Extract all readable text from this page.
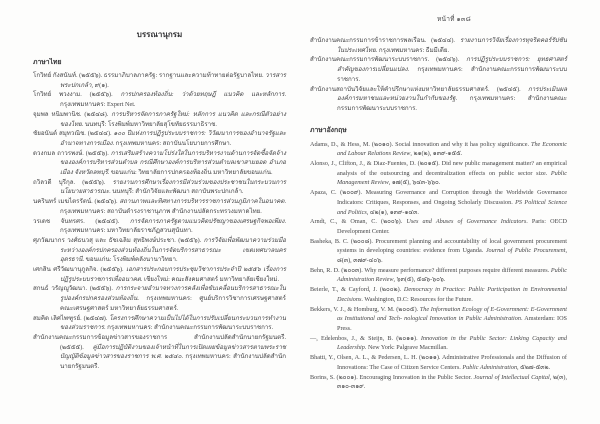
หน้าที่ ๑๓๘
บรรณานุกรม
ภาษาไทย
โกวิทย์ กังสนันท์. (๒๕๕๖). ธรรมาภิบาลภาครัฐ: รากฐานและความท้าทายต่อรัฐบาลไทย. วารสารพระปกเกล้า, ๙(๑).
โกวิทย์ พวงงาม. (๒๕๕๖). การปกครองท้องถิ่น: ว่าด้วยทฤษฎี แนวคิด และหลักการ. กรุงเทพมหานคร: Expert Net.
จุมพล หนิมพานิช. (๒๕๔๘). การบริหารจัดการภาครัฐใหม่: หลักการ แนวคิด และกรณีตัวอย่างของไทย. นนทบุรี: โรงพิมพ์มหาวิทยาลัยสุโขทัยธรรมาธิราช.
ชัยอนันต์ สมุทวณิช. (๒๕๔๔). ๑๐๐ ปีแห่งการปฏิรูประบบราชการ: วิวัฒนาการของอำนาจรัฐและอำนาจทางการเมือง. กรุงเทพมหานคร: สถาบันนโยบายการศึกษา.
ดวงกมล ถาวรพงษ์. (๒๕๕๖). การเสริมสร้างความโปร่งใสในการบริหารงานด้านการจัดซื้อจัดจ้างขององค์การบริหารส่วนตำบล กรณีศึกษาองค์การบริหารส่วนตำบลเขาสามยอด อำเภอเมือง จังหวัดลพบุรี. ขอนแก่น: วิทยาลัยการปกครองท้องถิ่น มหาวิทยาลัยขอนแก่น.
ถวิลวดี บุรีกุล. (๒๕๕๖). รายงานการศึกษาเรื่องการมีส่วนร่วมของประชาชนในกระบวนการนโยบายสาธารณะ. นนทบุรี: สำนักวิจัยและพัฒนา สถาบันพระปกเกล้า.
นครินทร์ เมฆไตรรัตน์. (๒๕๔๖). สถานภาพและทิศทางการบริหารราชการส่วนภูมิภาคในอนาคต. กรุงเทพมหานคร: สถาบันดำรงราชานุภาพ สำนักงานปลัดกระทรวงมหาดไทย.
วรเดช จันทรศร. (๒๕๔๕). การจัดการภาครัฐตามแนวคิดปรัชญาของเศรษฐกิจพอเพียง. กรุงเทพมหานคร: มหาวิทยาลัยราชภัฏสวนสุนันทา.
ศุภวัฒนากร วงศ์ธนวสุ และ ธัชเฉลิม สุทธิพงษ์ประชา. (๒๕๕๖). การวิจัยเพื่อพัฒนาความร่วมมือระหว่างองค์กรปกครองส่วนท้องถิ่นในการจัดบริการสาธารณะ เขตเทศบาลนครอุดรธานี. ขอนแก่น: โรงพิมพ์คลังนานาวิทยา.
เศกสิน ศรีวัฒนานุกูลกิจ. (๒๕๕๖). เอกสารประกอบการประชุมวิชาการประจำปี ๒๕๕๖ เรื่องการปฏิรูประบบราชการเพื่ออนาคต. เชียงใหม่: คณะสังคมศาสตร์ มหาวิทยาลัยเชียงใหม่.
สกนธ์ วรัญญูวัฒนา. (๒๕๕๖). การกระจายอำนาจทางการคลังเพื่อขับเคลื่อนบริการสาธารณะในรูปองค์กรปกครองส่วนท้องถิ่น. กรุงเทพมหานคร: ศูนย์บริการวิชาการเศรษฐศาสตร์ คณะเศรษฐศาสตร์ มหาวิทยาลัยธรรมศาสตร์.
สมคิด เลิศไพฑูรย์. (๒๕๔๗). โครงการศึกษาความเป็นไปได้ในการปรับเปลี่ยนกระบวนการทำงานของส่วนราชการ. กรุงเทพมหานคร: สำนักงานคณะกรรมการพัฒนาระบบราชการ.
สำนักงานคณะกรรมการข้อมูลข่าวสารของราชการ สำนักงานปลัดสำนักนายกรัฐมนตรี. (๒๕๕๕). คู่มือการปฏิบัติงานของเจ้าหน้าที่ในการเปิดเผยข้อมูลข่าวสารตามพระราชบัญญัติข้อมูลข่าวสารของราชการ พ.ศ. ๒๕๔๐. กรุงเทพมหานคร: สำนักงานปลัดสำนักนายกรัฐมนตรี.
สำนักงานคณะกรรมการข้าราชการพลเรือน. (๒๕๔๔). รายงานการวิจัยเรื่องการทุจริตคอร์รัปชันในประเทศไทย. กรุงเทพมหานคร: ธีมมีเดีย.
สำนักงานคณะกรรมการพัฒนาระบบราชการ. (๒๕๔๖). การปฏิรูประบบราชการ: ยุทธศาสตร์สำคัญของการเปลี่ยนแปลง. กรุงเทพมหานคร: สำนักงานคณะกรรมการพัฒนาระบบราชการ.
สำนักงานสถาบันวิจัยและให้คำปรึกษาแห่งมหาวิทยาลัยธรรมศาสตร์. (๒๕๔๕). การประเมินผลองค์การมหาชนและหน่วยงานในกำกับของรัฐ. กรุงเทพมหานคร: สำนักงานคณะกรรมการพัฒนาระบบราชการ.
ภาษาอังกฤษ
Adams, D., & Hess, M. (๒๐๑๐). Social innovation and why it has policy significance. The Economic and Labour Relations Review, ๒๑(๒), ๑๓๙-๑๕๕.
Alonso, J., Clifton, J., & Diaz-Fuentes, D. (๒๐๑๕). Did new public management matter? an empirical analysis of the outsourcing and decentralization effects on public sector size. Public Management Review, ๑๗(๕), ๖๔๓-๖๖๐.
Apaza, C. (๒๐๐๙). Measuring Governance and Corruption through the Worldwide Governance Indicators: Critiques, Responses, and Ongoing Scholarly Discussion. PS Political Science and Politics, ๔๒(๑), ๑๓๙-๑๔๓.
Arndt, C., & Oman, C. (๒๐๐๖). Uses and Abuses of Governance Indicators. Paris: OECD Development Center.
Basheka, B. C. (๒๐๐๘). Procurement planning and accountability of local government procurement systems in developing countries: evidence from Uganda. Journal of Public Procurement, ๘(๓), ๓๗๙-๔๐๖.
Behn, R. D. (๒๐๐๓). Why measure performance? different purposes require different measures. Public Administration Review, ๖๓(๕), ๕๘๖-๖๐๖.
Beierle, T., & Cayford, J. (๒๐๐๒). Democracy in Practice: Public Participation in Environmental Decisions. Washington, D.C: Resources for the Future.
Bekkers, V. J., & Homburg, V. M. (๒๐๐๕). The Information Ecology of E-Government: E-Government as Institutional and Tech- nological Innovation in Public Administration. Amsterdam: IOS Press.
—, Edelenbos, J., & Steijn, B. (๒๐๑๑). Innovation in the Public Sector: Linking Capacity and Leadership. New York: Palgrave Macmillan.
Bhatti, Y., Olsen, A. L., & Pedersen, L. H. (๒๐๑๑). Administrative Professionals and the Diffusion of Innovations: The Case of Citizen Service Centers. Public Administration, ๕๒๗-๕๓๒.
Borins, S. (๒๐๐๑). Encouraging Innovation in the Public Sector. Journal of Intellectual Capital, ๒(๓), ๓๑๐-๓๑๙.
